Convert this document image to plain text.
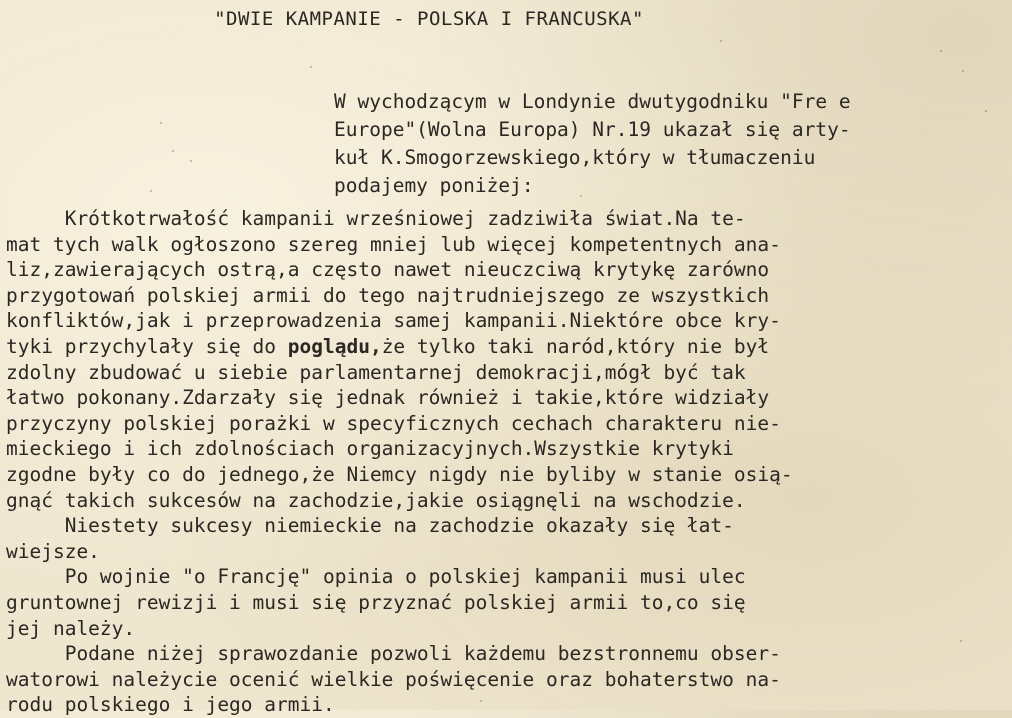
"DWIE KAMPANIE - POLSKA I FRANCUSKA"
W wychodzącym w Londynie dwutygodniku "Fre e
Europe"(Wolna Europa) Nr.19 ukazał się arty-
kuł K.Smogorzewskiego,który w tłumaczeniu
podajemy poniżej:
Krótkotrwałość kampanii wrześniowej zadziwiła świat.Na te-
mat tych walk ogłoszono szereg mniej lub więcej kompetentnych ana-
liz,zawierających ostrą,a często nawet nieuczciwą krytykę zarówno
przygotowań polskiej armii do tego najtrudniejszego ze wszystkich
konfliktów,jak i przeprowadzenia samej kampanii.Niektóre obce kry-
tyki przychylały się do poglądu,że tylko taki naród,który nie był
zdolny zbudować u siebie parlamentarnej demokracji,mógł być tak
łatwo pokonany.Zdarzały się jednak również i takie,które widziały
przyczyny polskiej porażki w specyficznych cechach charakteru nie-
mieckiego i ich zdolnościach organizacyjnych.Wszystkie krytyki
zgodne były co do jednego,że Niemcy nigdy nie byliby w stanie osią-
gnąć takich sukcesów na zachodzie,jakie osiągnęli na wschodzie.
Niestety sukcesy niemieckie na zachodzie okazały się łat-
wiejsze.
Po wojnie "o Francję" opinia o polskiej kampanii musi ulec
gruntownej rewizji i musi się przyznać polskiej armii to,co się
jej należy.
Podane niżej sprawozdanie pozwoli każdemu bezstronnemu obser-
watorowi należycie ocenić wielkie poświęcenie oraz bohaterstwo na-
rodu polskiego i jego armii.
